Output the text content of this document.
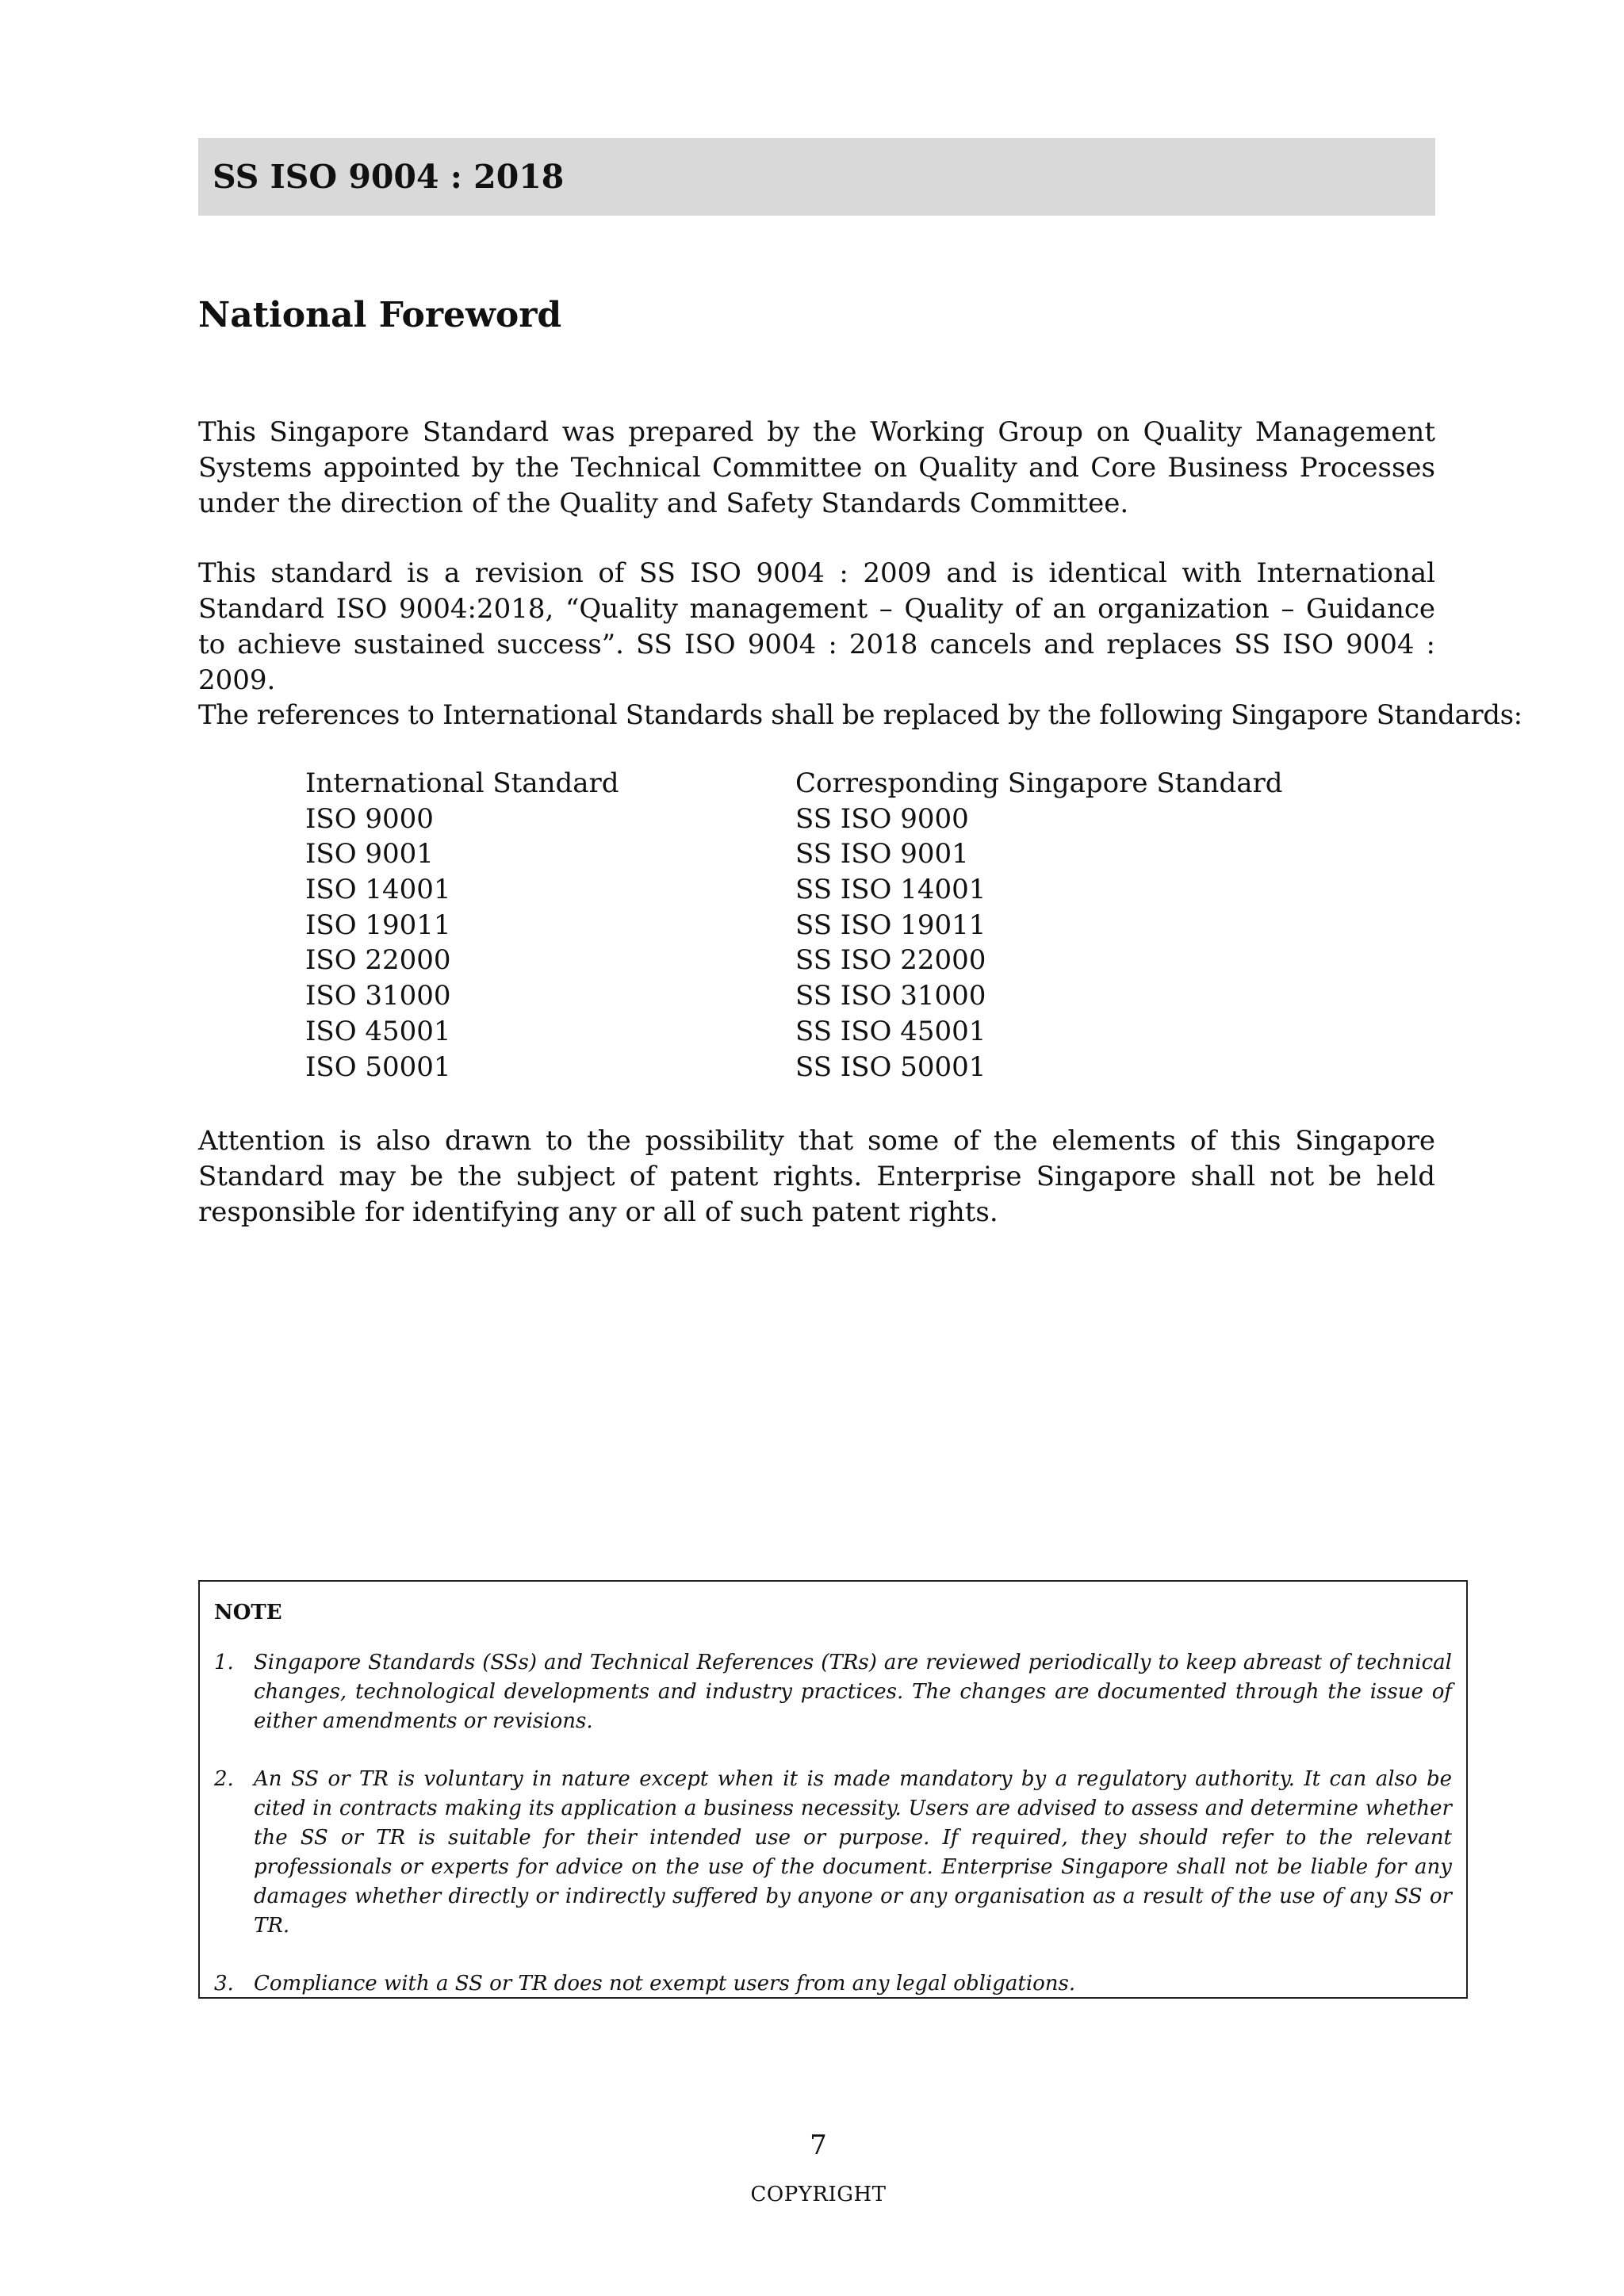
SS ISO 9004 : 2018
National Foreword

This Singapore Standard was prepared by the Working Group on Quality Management Systems appointed by the Technical Committee on Quality and Core Business Processes under the direction of the Quality and Safety Standards Committee.

This standard is a revision of SS ISO 9004 : 2009 and is identical with International Standard ISO 9004:2018, “Quality management – Quality of an organization – Guidance to achieve sustained success”. SS ISO 9004 : 2018 cancels and replaces SS ISO 9004 : 2009.

The references to International Standards shall be replaced by the following Singapore Standards:

International Standard	Corresponding Singapore Standard
ISO 9000	SS ISO 9000
ISO 9001	SS ISO 9001
ISO 14001	SS ISO 14001
ISO 19011	SS ISO 19011
ISO 22000	SS ISO 22000
ISO 31000	SS ISO 31000
ISO 45001	SS ISO 45001
ISO 50001	SS ISO 50001

Attention is also drawn to the possibility that some of the elements of this Singapore Standard may be the subject of patent rights. Enterprise Singapore shall not be held responsible for identifying any or all of such patent rights.

NOTE
1. Singapore Standards (SSs) and Technical References (TRs) are reviewed periodically to keep abreast of technical changes, technological developments and industry practices. The changes are documented through the issue of either amendments or revisions.
2. An SS or TR is voluntary in nature except when it is made mandatory by a regulatory authority. It can also be cited in contracts making its application a business necessity. Users are advised to assess and determine whether the SS or TR is suitable for their intended use or purpose. If required, they should refer to the relevant professionals or experts for advice on the use of the document. Enterprise Singapore shall not be liable for any damages whether directly or indirectly suffered by anyone or any organisation as a result of the use of any SS or TR.
3. Compliance with a SS or TR does not exempt users from any legal obligations.
7
COPYRIGHT
